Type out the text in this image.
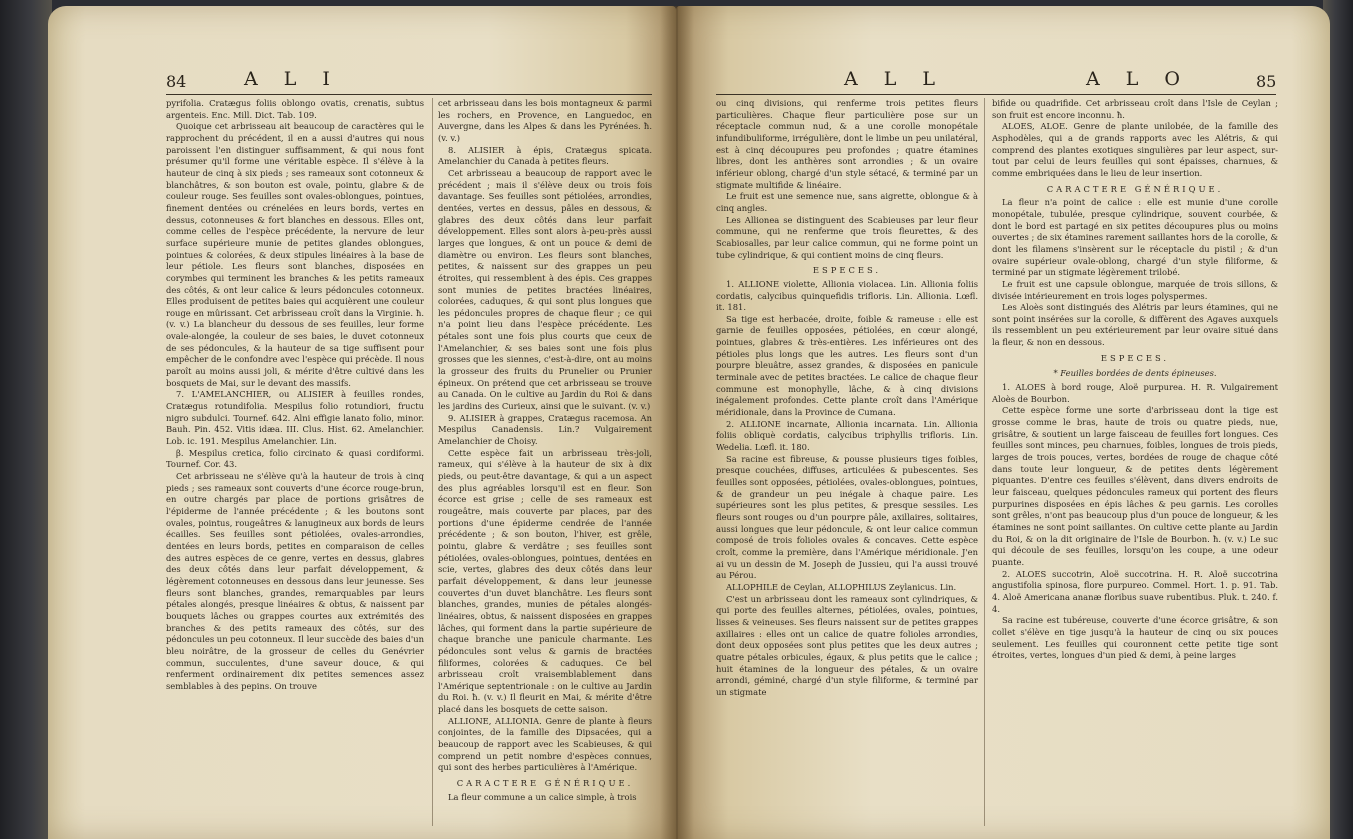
84	A L I

pyrifolia. Cratægus foliis oblongo ovatis, crenatis, subtus argenteis. Enc. Mill. Dict. Tab. 109.

Quoique cet arbrisseau ait beaucoup de caractères qui le rapprochent du précédent, il en a aussi d'autres qui nous paroissent l'en distinguer suffisamment, & qui nous font présumer qu'il forme une véritable espèce. Il s'élève à la hauteur de cinq à six pieds ; ses rameaux sont cotonneux & blanchâtres, & son bouton est ovale, pointu, glabre & de couleur rouge. Ses feuilles sont ovales-oblongues, pointues, finement dentées ou crénelées en leurs bords, vertes en dessus, cotonneuses & fort blanches en dessous. Elles ont, comme celles de l'espèce précédente, la nervure de leur surface supérieure munie de petites glandes oblongues, pointues & colorées, & deux stipules linéaires à la base de leur pétiole. Les fleurs sont blanches, disposées en corymbes qui terminent les branches & les petits rameaux des côtés, & ont leur calice & leurs pédoncules cotonneux. Elles produisent de petites baies qui acquièrent une couleur rouge en mûrissant. Cet arbrisseau croît dans la Virginie. ħ. (v. v.) La blancheur du dessous de ses feuilles, leur forme ovale-alongée, la couleur de ses baies, le duvet cotonneux de ses pédoncules, & la hauteur de sa tige suffisent pour empêcher de le confondre avec l'espèce qui précède. Il nous paroît au moins aussi joli, & mérite d'être cultivé dans les bosquets de Mai, sur le devant des massifs.

7. L'AMELANCHIER, ou ALISIER à feuilles rondes, Cratægus rotundifolia. Mespilus folio rotundiori, fructu nigro subdulci. Tournef. 642. Alni effigie lanato folio, minor. Bauh. Pin. 452. Vitis idæa. III. Clus. Hist. 62. Amelanchier. Lob. ic. 191. Mespilus Amelanchier. Lin.

β. Mespilus cretica, folio circinato & quasi cordiformi. Tournef. Cor. 43.

Cet arbrisseau ne s'élève qu'à la hauteur de trois à cinq pieds ; ses rameaux sont couverts d'une écorce rouge-brun, en outre chargés par place de portions grisâtres de l'épiderme de l'année précédente ; & les boutons sont ovales, pointus, rougeâtres & lanugineux aux bords de leurs écailles. Ses feuilles sont pétiolées, ovales-arrondies, dentées en leurs bords, petites en comparaison de celles des autres espèces de ce genre, vertes en dessus, glabres des deux côtés dans leur parfait développement, & légèrement cotonneuses en dessous dans leur jeunesse. Ses fleurs sont blanches, grandes, remarquables par leurs pétales alongés, presque linéaires & obtus, & naissent par bouquets lâches ou grappes courtes aux extrémités des branches & des petits rameaux des côtés, sur des pédoncules un peu cotonneux. Il leur succède des baies d'un bleu noirâtre, de la grosseur de celles du Genévrier commun, succulentes, d'une saveur douce, & qui renferment ordinairement dix petites semences assez semblables à des pepins. On trouve

cet arbrisseau dans les bois montagneux & parmi les rochers, en Provence, en Languedoc, en Auvergne, dans les Alpes & dans les Pyrénées. ħ. (v. v.)

8. ALISIER à épis, Cratægus spicata. Amelanchier du Canada à petites fleurs.

Cet arbrisseau a beaucoup de rapport avec le précédent ; mais il s'élève deux ou trois fois davantage. Ses feuilles sont pétiolées, arrondies, dentées, vertes en dessus, pâles en dessous, & glabres des deux côtés dans leur parfait développement. Elles sont alors à-peu-près aussi larges que longues, & ont un pouce & demi de diamètre ou environ. Les fleurs sont blanches, petites, & naissent sur des grappes un peu étroites, qui ressemblent à des épis. Ces grappes sont munies de petites bractées linéaires, colorées, caduques, & qui sont plus longues que les pédoncules propres de chaque fleur ; ce qui n'a point lieu dans l'espèce précédente. Les pétales sont une fois plus courts que ceux de l'Amelanchier, & ses baies sont une fois plus grosses que les siennes, c'est-à-dire, ont au moins la grosseur des fruits du Prunelier ou Prunier épineux. On prétend que cet arbrisseau se trouve au Canada. On le cultive au Jardin du Roi & dans les jardins des Curieux, ainsi que le suivant. (v. v.)

9. ALISIER à grappes, Cratægus racemosa. An Mespilus Canadensis. Lin.? Vulgairement Amelanchier de Choisy.

Cette espèce fait un arbrisseau très-joli, rameux, qui s'élève à la hauteur de six à dix pieds, ou peut-être davantage, & qui a un aspect des plus agréables lorsqu'il est en fleur. Son écorce est grise ; celle de ses rameaux est rougeâtre, mais couverte par places, par des portions d'une épiderme cendrée de l'année précédente ; & son bouton, l'hiver, est grêle, pointu, glabre & verdâtre ; ses feuilles sont pétiolées, ovales-oblongues, pointues, dentées en scie, vertes, glabres des deux côtés dans leur parfait développement, & dans leur jeunesse couvertes d'un duvet blanchâtre. Les fleurs sont blanches, grandes, munies de pétales alongés-linéaires, obtus, & naissent disposées en grappes lâches, qui forment dans la partie supérieure de chaque branche une panicule charmante. Les pédoncules sont velus & garnis de bractées filiformes, colorées & caduques. Ce bel arbrisseau croît vraisemblablement dans l'Amérique septentrionale : on le cultive au Jardin du Roi. ħ. (v. v.) Il fleurit en Mai, & mérite d'être placé dans les bosquets de cette saison.

ALLIONE, ALLIONIA. Genre de plante à fleurs conjointes, de la famille des Dipsacées, qui a beaucoup de rapport avec les Scabieuses, & qui comprend un petit nombre d'espèces connues, qui sont des herbes particulières à l'Amérique.

CARACTERE GÉNÉRIQUE.

La fleur commune a un calice simple, à trois

A L L	A L O	85

ou cinq divisions, qui renferme trois petites fleurs particulières. Chaque fleur particulière pose sur un réceptacle commun nud, & a une corolle monopétale infundibuliforme, irrégulière, dont le limbe un peu unilatéral, est à cinq découpures peu profondes ; quatre étamines libres, dont les anthères sont arrondies ; & un ovaire inférieur oblong, chargé d'un style sétacé, & terminé par un stigmate multifide & linéaire.

Le fruit est une semence nue, sans aigrette, oblongue & à cinq angles.

Les Allionea se distinguent des Scabieuses par leur fleur commune, qui ne renferme que trois fleurettes, & des Scabiosalles, par leur calice commun, qui ne forme point un tube cylindrique, & qui contient moins de cinq fleurs.

ESPECES.

1. ALLIONE violette, Allionia violacea. Lin. Allionia foliis cordatis, calycibus quinquefidis trifloris. Lin. Allionia. Lœfl. it. 181.

Sa tige est herbacée, droite, foible & rameuse : elle est garnie de feuilles opposées, pétiolées, en cœur alongé, pointues, glabres & très-entières. Les inférieures ont des pétioles plus longs que les autres. Les fleurs sont d'un pourpre bleuâtre, assez grandes, & disposées en panicule terminale avec de petites bractées. Le calice de chaque fleur commune est monophylle, lâche, & à cinq divisions inégalement profondes. Cette plante croît dans l'Amérique méridionale, dans la Province de Cumana.

2. ALLIONE incarnate, Allionia incarnata. Lin. Allionia foliis obliquè cordatis, calycibus triphyllis trifloris. Lin. Wedelia. Lœfl. it. 180.

Sa racine est fibreuse, & pousse plusieurs tiges foibles, presque couchées, diffuses, articulées & pubescentes. Ses feuilles sont opposées, pétiolées, ovales-oblongues, pointues, & de grandeur un peu inégale à chaque paire. Les supérieures sont les plus petites, & presque sessiles. Les fleurs sont rouges ou d'un pourpre pâle, axillaires, solitaires, aussi longues que leur pédoncule, & ont leur calice commun composé de trois folioles ovales & concaves. Cette espèce croît, comme la première, dans l'Amérique méridionale. J'en ai vu un dessin de M. Joseph de Jussieu, qui l'a aussi trouvé au Pérou.

ALLOPHILE de Ceylan, ALLOPHILUS Zeylanicus. Lin.

C'est un arbrisseau dont les rameaux sont cylindriques, & qui porte des feuilles alternes, pétiolées, ovales, pointues, lisses & veineuses. Ses fleurs naissent sur de petites grappes axillaires : elles ont un calice de quatre folioles arrondies, dont deux opposées sont plus petites que les deux autres ; quatre pétales orbicules, égaux, & plus petits que le calice ; huit étamines de la longueur des pétales, & un ovaire arrondi, géminé, chargé d'un style filiforme, & terminé par un stigmate

bifide ou quadrifide. Cet arbrisseau croît dans l'Isle de Ceylan ; son fruit est encore inconnu. ħ.

ALOES, ALOE. Genre de plante unilobée, de la famille des Asphodèles, qui a de grands rapports avec les Alétris, & qui comprend des plantes exotiques singulières par leur aspect, sur-tout par celui de leurs feuilles qui sont épaisses, charnues, & comme embriquées dans le lieu de leur insertion.

CARACTERE GÉNÉRIQUE.

La fleur n'a point de calice : elle est munie d'une corolle monopétale, tubulée, presque cylindrique, souvent courbée, & dont le bord est partagé en six petites découpures plus ou moins ouvertes ; de six étamines rarement saillantes hors de la corolle, & dont les filamens s'insèrent sur le réceptacle du pistil ; & d'un ovaire supérieur ovale-oblong, chargé d'un style filiforme, & terminé par un stigmate légèrement trilobé.

Le fruit est une capsule oblongue, marquée de trois sillons, & divisée intérieurement en trois loges polyspermes.

Les Aloès sont distingués des Alétris par leurs étamines, qui ne sont point insérées sur la corolle, & diffèrent des Agaves auxquels ils ressemblent un peu extérieurement par leur ovaire situé dans la fleur, & non en dessous.

ESPECES.

* Feuilles bordées de dents épineuses.

1. ALOES à bord rouge, Aloë purpurea. H. R. Vulgairement Aloès de Bourbon.

Cette espèce forme une sorte d'arbrisseau dont la tige est grosse comme le bras, haute de trois ou quatre pieds, nue, grisâtre, & soutient un large faisceau de feuilles fort longues. Ces feuilles sont minces, peu charnues, foibles, longues de trois pieds, larges de trois pouces, vertes, bordées de rouge de chaque côté dans toute leur longueur, & de petites dents légèrement piquantes. D'entre ces feuilles s'élèvent, dans divers endroits de leur faisceau, quelques pédoncules rameux qui portent des fleurs purpurines disposées en épis lâches & peu garnis. Les corolles sont grêles, n'ont pas beaucoup plus d'un pouce de longueur, & les étamines ne sont point saillantes. On cultive cette plante au Jardin du Roi, & on la dit originaire de l'Isle de Bourbon. ħ. (v. v.) Le suc qui découle de ses feuilles, lorsqu'on les coupe, a une odeur puante.

2. ALOES succotrin, Aloë succotrina. H. R. Aloë succotrina angustifolia spinosa, flore purpureo. Commel. Hort. 1. p. 91. Tab. 4. Aloë Americana ananæ floribus suave rubentibus. Pluk. t. 240. f. 4.

Sa racine est tubéreuse, couverte d'une écorce grisâtre, & son collet s'élève en tige jusqu'à la hauteur de cinq ou six pouces seulement. Les feuilles qui couronnent cette petite tige sont étroites, vertes, longues d'un pied & demi, à peine larges
